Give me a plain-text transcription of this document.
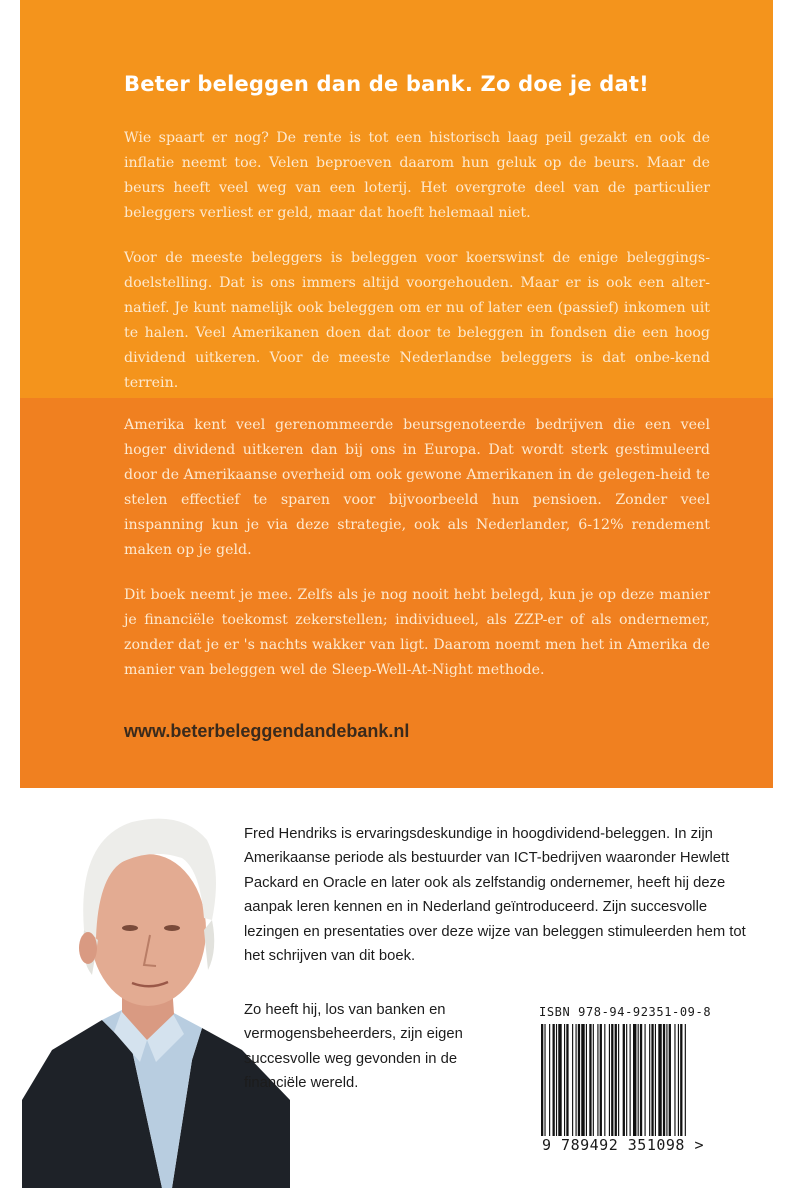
Beter beleggen dan de bank. Zo doe je dat!

Wie spaart er nog? De rente is tot een historisch laag peil gezakt en ook de inflatie neemt toe. Velen beproeven daarom hun geluk op de beurs. Maar de beurs heeft veel weg van een loterij. Het overgrote deel van de particulier beleggers verliest er geld, maar dat hoeft helemaal niet.

Voor de meeste beleggers is beleggen voor koerswinst de enige beleggings-doelstelling. Dat is ons immers altijd voorgehouden. Maar er is ook een alter-natief. Je kunt namelijk ook beleggen om er nu of later een (passief) inkomen uit te halen. Veel Amerikanen doen dat door te beleggen in fondsen die een hoog dividend uitkeren. Voor de meeste Nederlandse beleggers is dat onbe-kend terrein.

Amerika kent veel gerenommeerde beursgenoteerde bedrijven die een veel hoger dividend uitkeren dan bij ons in Europa. Dat wordt sterk gestimuleerd door de Amerikaanse overheid om ook gewone Amerikanen in de gelegen-heid te stelen effectief te sparen voor bijvoorbeeld hun pensioen. Zonder veel inspanning kun je via deze strategie, ook als Nederlander, 6-12% rendement maken op je geld.

Dit boek neemt je mee. Zelfs als je nog nooit hebt belegd, kun je op deze manier je financiële toekomst zekerstellen; individueel, als ZZP-er of als ondernemer, zonder dat je er 's nachts wakker van ligt. Daarom noemt men het in Amerika de manier van beleggen wel de Sleep-Well-At-Night methode.

www.beterbeleggendandebank.nl

Fred Hendriks is ervaringsdeskundige in hoogdividend-beleggen. In zijn Amerikaanse periode als bestuurder van ICT-bedrijven waaronder Hewlett Packard en Oracle en later ook als zelfstandig ondernemer, heeft hij deze aanpak leren kennen en in Nederland geïntroduceerd. Zijn succesvolle lezingen en presentaties over deze wijze van beleggen stimuleerden hem tot het schrijven van dit boek.

Zo heeft hij, los van banken en vermogensbeheerders, zijn eigen succesvolle weg gevonden in de financiële wereld.

ISBN 978-94-92351-09-8

9 789492 351098 >
